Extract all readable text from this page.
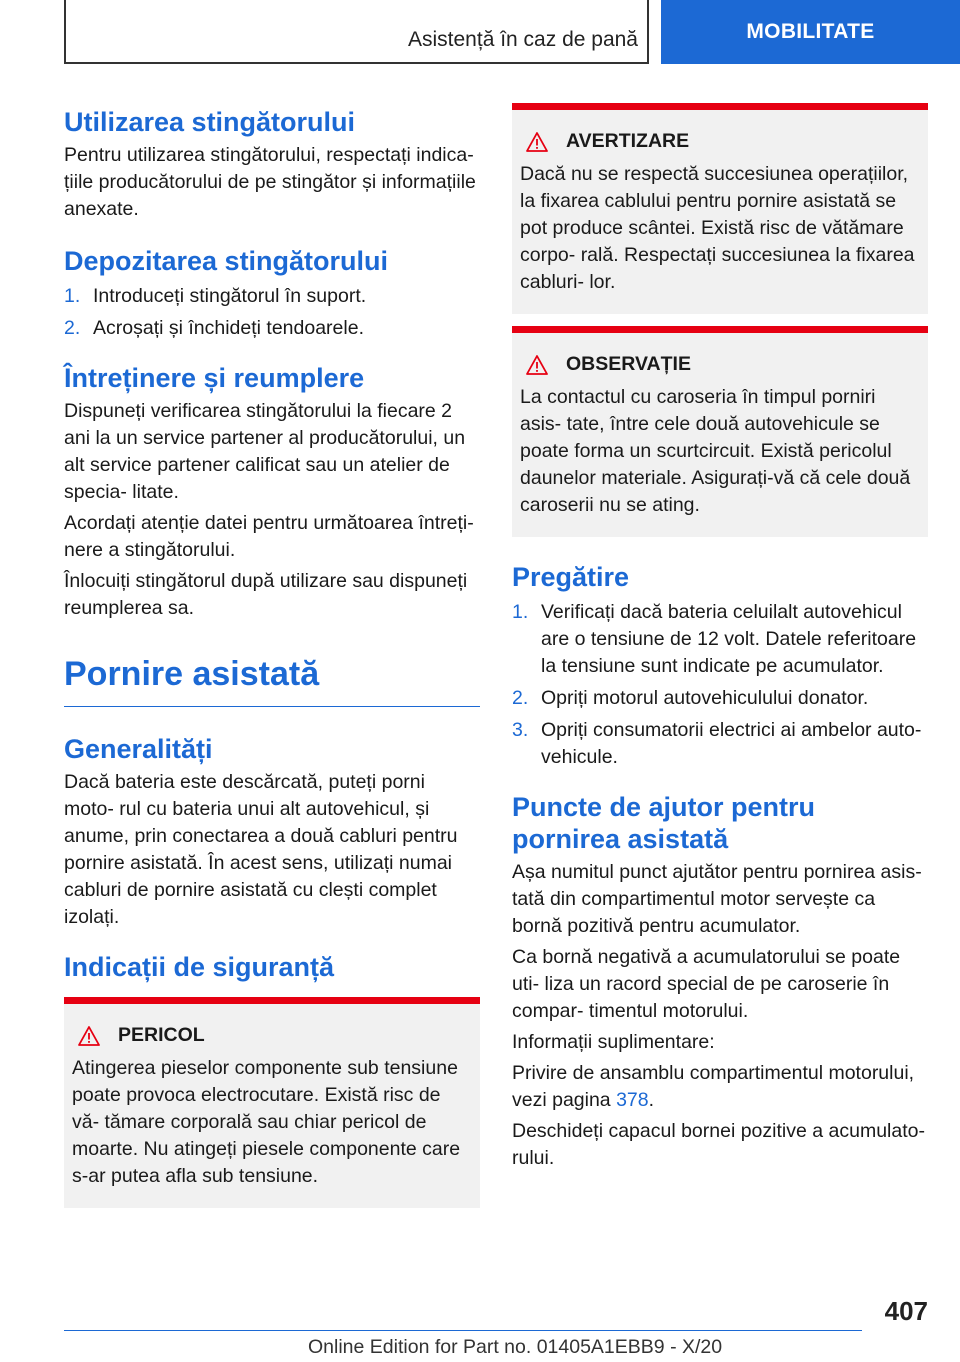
Asistență în caz de pană	MOBILITATE
Utilizarea stingătorului

Pentru utilizarea stingătorului, respectați indica‐ țiile producătorului de pe stingător și informațiile anexate.

Depozitarea stingătorului
1. Introduceți stingătorul în suport.
2. Acroșați și închideți tendoarele.
Întreținere și reumplere

Dispuneți verificarea stingătorului la fiecare 2 ani la un service partener al producătorului, un alt service partener calificat sau un atelier de specia‐ litate.

Acordați atenție datei pentru următoarea întreți‐ nere a stingătorului.

Înlocuiți stingătorul după utilizare sau dispuneți reumplerea sa.

Pornire asistată
Generalități

Dacă bateria este descărcată, puteți porni moto‐ rul cu bateria unui alt autovehicul, și anume, prin conectarea a două cabluri pentru pornire asistată. În acest sens, utilizați numai cabluri de pornire asistată cu clești complet izolați.

Indicații de siguranță
PERICOL

Atingerea pieselor componente sub tensiune poate provoca electrocutare. Există risc de vă‐ tămare corporală sau chiar pericol de moarte. Nu atingeți piesele componente care s-ar putea afla sub tensiune.

AVERTIZARE

Dacă nu se respectă succesiunea operațiilor, la fixarea cablului pentru pornire asistată se pot produce scântei. Există risc de vătămare corpo‐ rală. Respectați succesiunea la fixarea cabluri‐ lor.

OBSERVAȚIE

La contactul cu caroseria în timpul porniri asis‐ tate, între cele două autovehicule se poate forma un scurtcircuit. Există pericolul daunelor materiale. Asigurați-vă că cele două caroserii nu se ating.

Pregătire
1. Verificați dacă bateria celuilalt autovehicul are o tensiune de 12 volt. Datele referitoare la tensiune sunt indicate pe acumulator.
2. Opriți motorul autovehiculului donator.
3. Opriți consumatorii electrici ai ambelor auto‐ vehicule.
Puncte de ajutor pentru pornirea asistată

Așa numitul punct ajutător pentru pornirea asis‐ tată din compartimentul motor servește ca bornă pozitivă pentru acumulator.

Ca bornă negativă a acumulatorului se poate uti‐ liza un racord special de pe caroserie în compar‐ timentul motorului.

Informații suplimentare:

Privire de ansamblu compartimentul motorului, vezi pagina 378.

Deschideți capacul bornei pozitive a acumulato‐ rului.

407
Online Edition for Part no. 01405A1EBB9 - X/20
